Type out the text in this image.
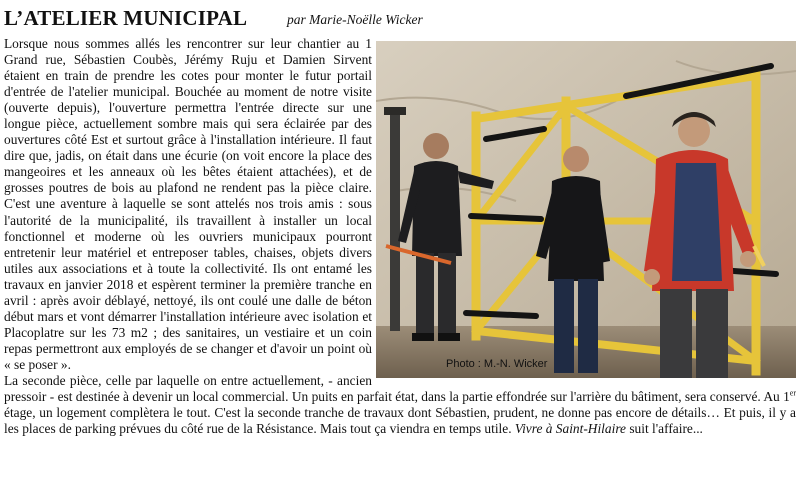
L’ATELIER MUNICIPAL	par Marie-Noëlle Wicker
Photo : M.-N. Wicker

Lorsque nous sommes allés les rencontrer sur leur chantier au 1 Grand rue, Sébastien Coubès, Jérémy Ruju et Damien Sirvent étaient en train de prendre les cotes pour monter le futur portail d'entrée de l'atelier municipal. Bouchée au moment de notre visite (ouverte depuis), l'ouverture permettra l'entrée directe sur une longue pièce, actuellement sombre mais qui sera éclairée par des ouvertures côté Est et surtout grâce à l'installation intérieure. Il faut dire que, jadis, on était dans une écurie (on voit encore la place des mangeoires et les anneaux où les bêtes étaient attachées), et de grosses poutres de bois au plafond ne rendent pas la pièce claire. C'est une aventure à laquelle se sont attelés nos trois amis : sous l'autorité de la municipalité, ils travaillent à installer un local fonctionnel et moderne où les ouvriers municipaux pourront entretenir leur matériel et entreposer tables, chaises, objets divers utiles aux associations et à toute la collectivité. Ils ont entamé les travaux en janvier 2018 et espèrent terminer la première tranche en avril : après avoir déblayé, nettoyé, ils ont coulé une dalle de béton début mars et vont démarrer l'installation intérieure avec isolation et Placoplatre sur les 73 m2 ; des sanitaires, un vestiaire et un coin repas permettront aux employés de se changer et d'avoir un point où « se poser ».

La seconde pièce, celle par laquelle on entre actuellement, - ancien pressoir - est destinée à devenir un local commercial. Un puits en parfait état, dans la partie effondrée sur l'arrière du bâtiment, sera conservé. Au 1er étage, un logement complètera le tout. C'est la seconde tranche de travaux dont Sébastien, prudent, ne donne pas encore de détails… Et puis, il y a les places de parking prévues du côté rue de la Résistance. Mais tout ça viendra en temps utile. Vivre à Saint-Hilaire suit l'affaire...
